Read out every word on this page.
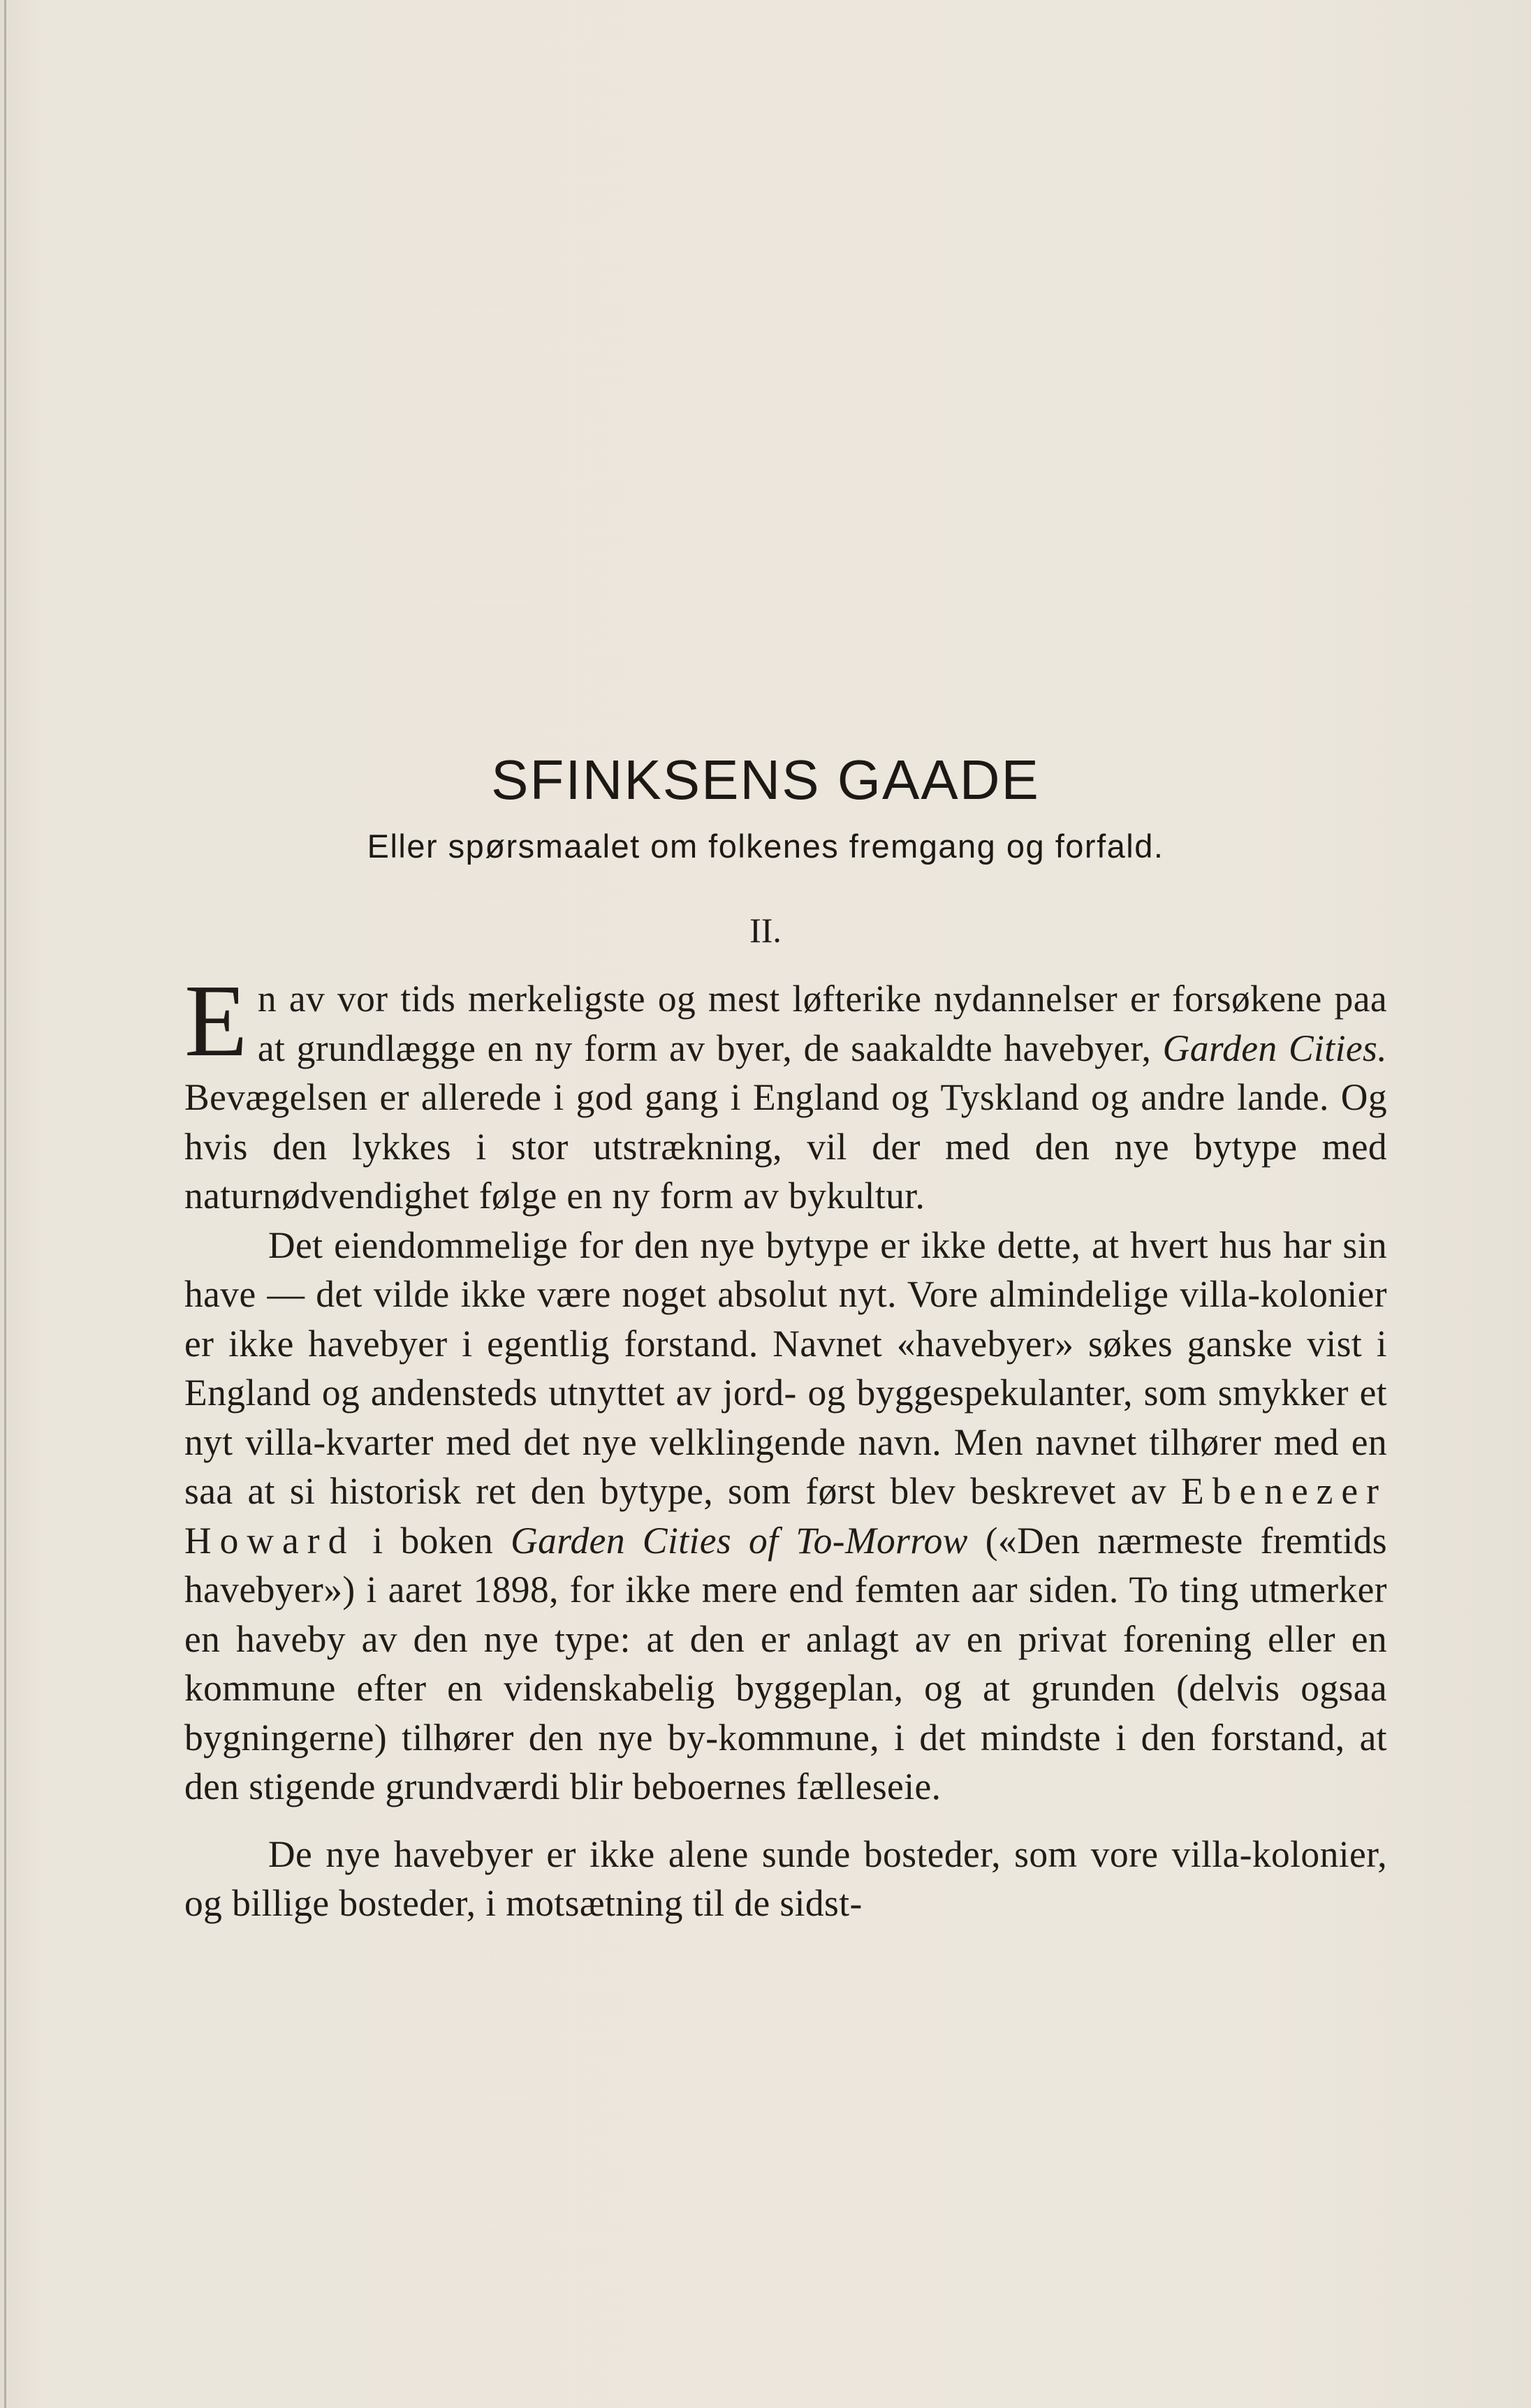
SFINKSENS GAADE
Eller spørsmaalet om folkenes fremgang og forfald.
II.

En av vor tids merkeligste og mest løfterike nydannelser er forsøkene paa at grundlægge en ny form av byer, de saakaldte havebyer, Garden Cities. Bevægelsen er allerede i god gang i England og Tyskland og andre lande. Og hvis den lykkes i stor utstrækning, vil der med den nye bytype med naturnødvendighet følge en ny form av bykultur.

Det eiendommelige for den nye bytype er ikke dette, at hvert hus har sin have — det vilde ikke være noget absolut nyt. Vore almindelige villa-kolonier er ikke havebyer i egentlig forstand. Navnet «havebyer» søkes ganske vist i England og andensteds utnyttet av jord- og byggespekulanter, som smykker et nyt villa-kvarter med det nye velklingende navn. Men navnet tilhører med en saa at si historisk ret den bytype, som først blev beskrevet av Ebenezer Howard i boken Garden Cities of To-Morrow («Den nærmeste fremtids havebyer») i aaret 1898, for ikke mere end femten aar siden. To ting utmerker en haveby av den nye type: at den er anlagt av en privat forening eller en kommune efter en videnskabelig byggeplan, og at grunden (delvis ogsaa bygningerne) tilhører den nye by-kommune, i det mindste i den forstand, at den stigende grundværdi blir beboernes fælleseie.

De nye havebyer er ikke alene sunde bosteder, som vore villa-kolonier, og billige bosteder, i motsætning til de sidst-
